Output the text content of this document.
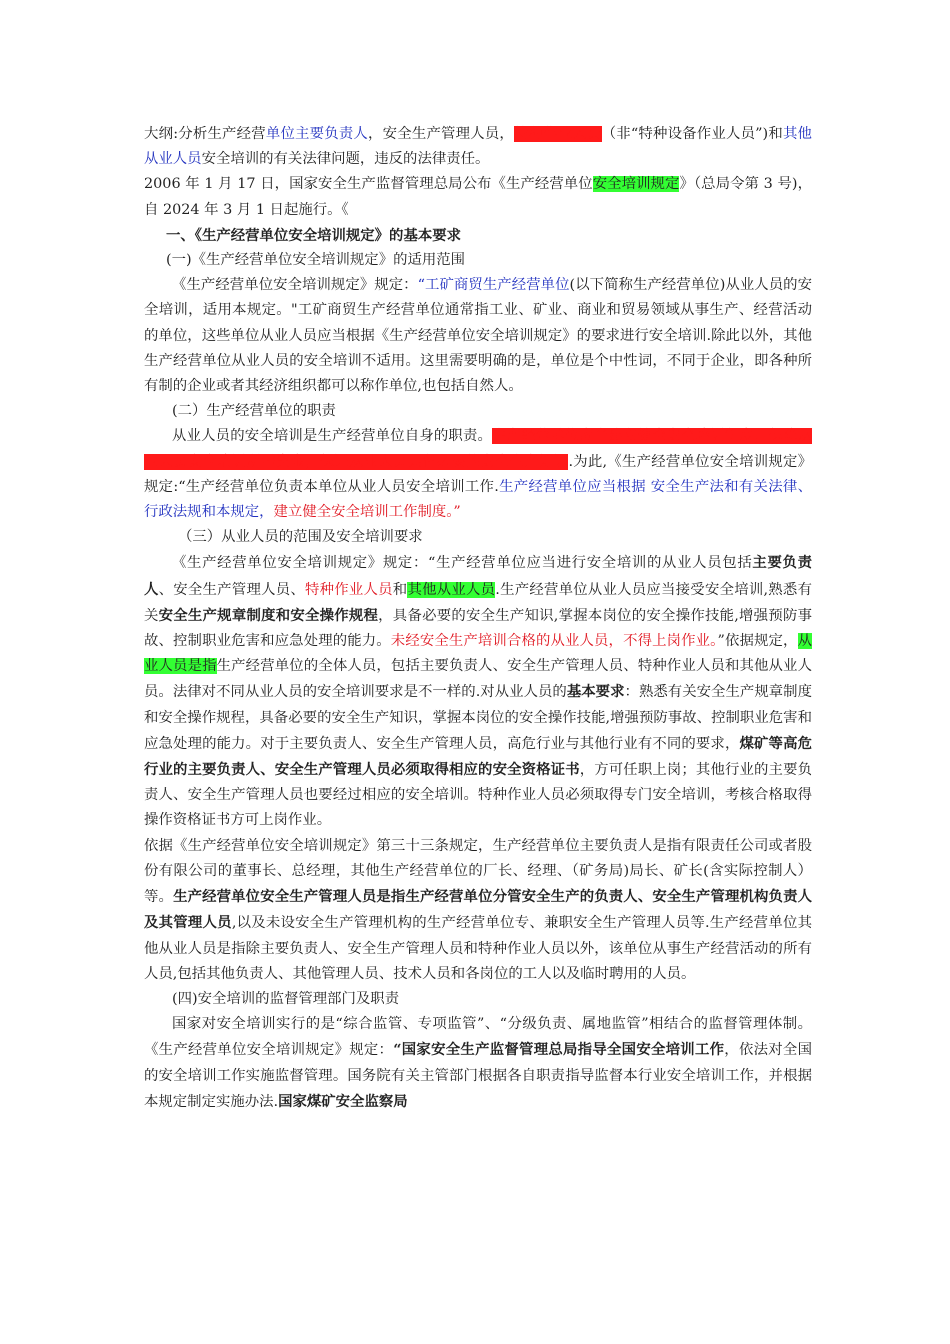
大纲:分析生产经营单位主要负责人，安全生产管理人员，特种作业人员（非“特种设备作业人员”)和其他从业人员安全培训的有关法律问题，违反的法律责任。

2006 年 1 月 17 日，国家安全生产监督管理总局公布《生产经营单位安全培训规定》（总局令第 3 号)，自 2024 年 3 月 1 日起施行。《

一、《生产经营单位安全培训规定》的基本要求

(一)《生产经营单位安全培训规定》的适用范围

《生产经营单位安全培训规定》规定：“工矿商贸生产经营单位(以下简称生产经营单位)从业人员的安全培训，适用本规定。"工矿商贸生产经营单位通常指工业、矿业、商业和贸易领域从事生产、经营活动的单位，这些单位从业人员应当根据《生产经营单位安全培训规定》的要求进行安全培训.除此以外，其他生产经营单位从业人员的安全培训不适用。这里需要明确的是，单位是个中性词，不同于企业，即各种所有制的企业或者其经济组织都可以称作单位,也包括自然人。

(二）生产经营单位的职责

从业人员的安全培训是生产经营单位自身的职责。生产经营单位应当建立健全安全培训制度，保障从业人员安全培训所需资金，保证从业人员具备必要的安全生产知识.为此,《生产经营单位安全培训规定》规定:“生产经营单位负责本单位从业人员安全培训工作.生产经营单位应当根据 安全生产法和有关法律、行政法规和本规定，建立健全安全培训工作制度。”

（三）从业人员的范围及安全培训要求

《生产经营单位安全培训规定》规定：“生产经营单位应当进行安全培训的从业人员包括主要负责人、安全生产管理人员、特种作业人员和其他从业人员.生产经营单位从业人员应当接受安全培训,熟悉有关安全生产规章制度和安全操作规程，具备必要的安全生产知识,掌握本岗位的安全操作技能,增强预防事故、控制职业危害和应急处理的能力。未经安全生产培训合格的从业人员，不得上岗作业。”依据规定，从业人员是指生产经营单位的全体人员，包括主要负责人、安全生产管理人员、特种作业人员和其他从业人员。法律对不同从业人员的安全培训要求是不一样的.对从业人员的基本要求：熟悉有关安全生产规章制度和安全操作规程，具备必要的安全生产知识，掌握本岗位的安全操作技能,增强预防事故、控制职业危害和应急处理的能力。对于主要负责人、安全生产管理人员，高危行业与其他行业有不同的要求，煤矿等高危行业的主要负责人、安全生产管理人员必须取得相应的安全资格证书，方可任职上岗；其他行业的主要负责人、安全生产管理人员也要经过相应的安全培训。特种作业人员必须取得专门安全培训，考核合格取得操作资格证书方可上岗作业。

依据《生产经营单位安全培训规定》第三十三条规定，生产经营单位主要负责人是指有限责任公司或者股份有限公司的董事长、总经理，其他生产经营单位的厂长、经理、（矿务局)局长、矿长(含实际控制人）等。生产经营单位安全生产管理人员是指生产经营单位分管安全生产的负责人、安全生产管理机构负责人及其管理人员,以及未设安全生产管理机构的生产经营单位专、兼职安全生产管理人员等.生产经营单位其他从业人员是指除主要负责人、安全生产管理人员和特种作业人员以外，该单位从事生产经营活动的所有人员,包括其他负责人、其他管理人员、技术人员和各岗位的工人以及临时聘用的人员。

(四)安全培训的监督管理部门及职责

国家对安全培训实行的是“综合监管、专项监管”、“分级负责、属地监管”相结合的监督管理体制。《生产经营单位安全培训规定》规定：“国家安全生产监督管理总局指导全国安全培训工作，依法对全国的安全培训工作实施监督管理。国务院有关主管部门根据各自职责指导监督本行业安全培训工作，并根据本规定制定实施办法.国家煤矿安全监察局
